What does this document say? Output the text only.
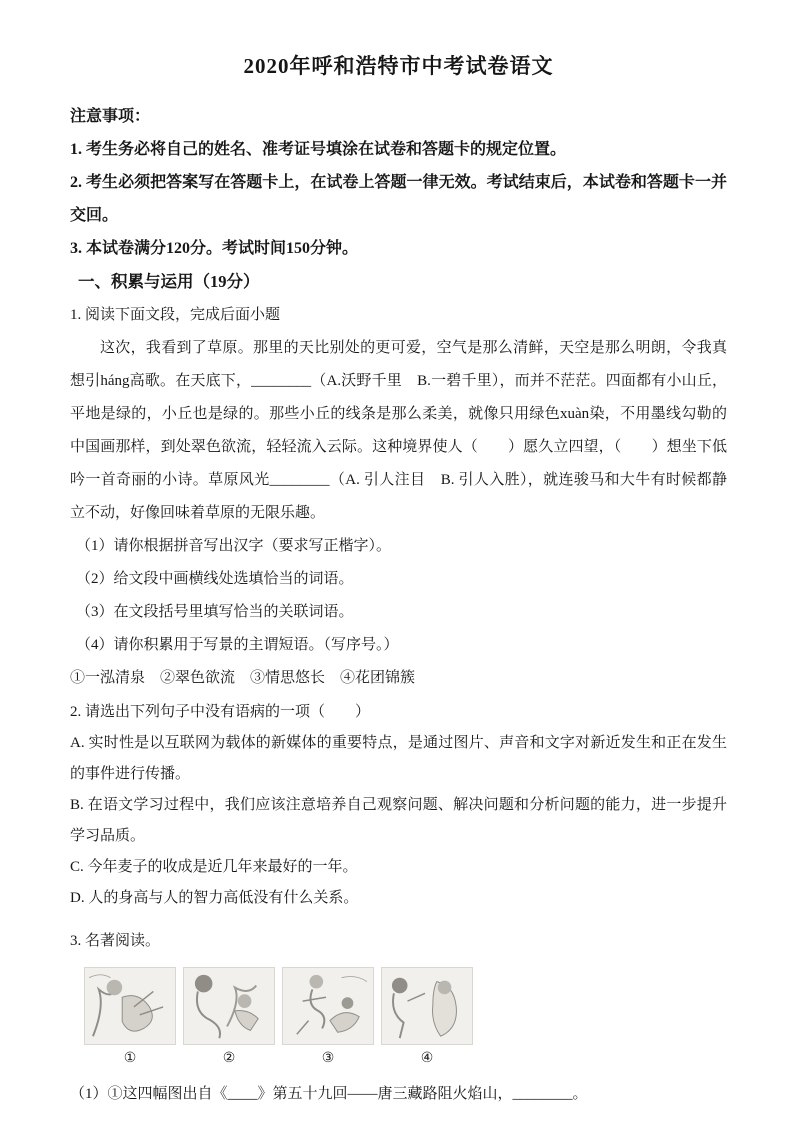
2020年呼和浩特市中考试卷语文

注意事项：

1. 考生务必将自己的姓名、准考证号填涂在试卷和答题卡的规定位置。

2. 考生必须把答案写在答题卡上，在试卷上答题一律无效。考试结束后，本试卷和答题卡一并交回。

3. 本试卷满分120分。考试时间150分钟。

一、积累与运用（19分）

1. 阅读下面文段，完成后面小题

这次，我看到了草原。那里的天比别处的更可爱，空气是那么清鲜，天空是那么明朗，令我真想引háng高歌。在天底下，________（A.沃野千里　B.一碧千里），而并不茫茫。四面都有小山丘，平地是绿的，小丘也是绿的。那些小丘的线条是那么柔美，就像只用绿色xuàn染，不用墨线勾勒的中国画那样，到处翠色欲流，轻轻流入云际。这种境界使人（　　）愿久立四望，（　　）想坐下低吟一首奇丽的小诗。草原风光________（A. 引人注目　B. 引人入胜），就连骏马和大牛有时候都静立不动，好像回味着草原的无限乐趣。

（1）请你根据拼音写出汉字（要求写正楷字）。

（2）给文段中画横线处选填恰当的词语。

（3）在文段括号里填写恰当的关联词语。

（4）请你积累用于写景的主谓短语。（写序号。）

①一泓清泉　②翠色欲流　③情思悠长　④花团锦簇

2. 请选出下列句子中没有语病的一项（　　）

A. 实时性是以互联网为载体的新媒体的重要特点，是通过图片、声音和文字对新近发生和正在发生的事件进行传播。

B. 在语文学习过程中，我们应该注意培养自己观察问题、解决问题和分析问题的能力，进一步提升学习品质。

C. 今年麦子的收成是近几年来最好的一年。

D. 人的身高与人的智力高低没有什么关系。

3. 名著阅读。

①	②	③	④

（1）①这四幅图出自《____》第五十九回——唐三藏路阻火焰山，________。
